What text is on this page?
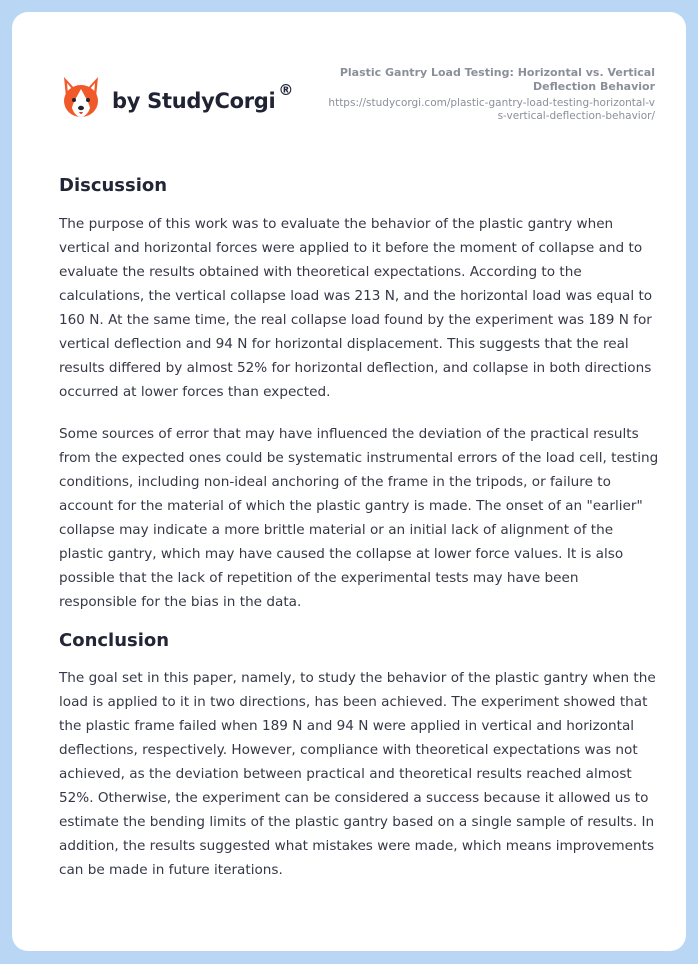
by StudyCorgi ®
Plastic Gantry Load Testing: Horizontal vs. Vertical Deflection Behavior
https://studycorgi.com/plastic-gantry-load-testing-horizontal-vs-vertical-deflection-behavior/
Discussion

The purpose of this work was to evaluate the behavior of the plastic gantry when vertical and horizontal forces were applied to it before the moment of collapse and to evaluate the results obtained with theoretical expectations. According to the calculations, the vertical collapse load was 213 N, and the horizontal load was equal to 160 N. At the same time, the real collapse load found by the experiment was 189 N for vertical deflection and 94 N for horizontal displacement. This suggests that the real results differed by almost 52% for horizontal deflection, and collapse in both directions occurred at lower forces than expected.

Some sources of error that may have influenced the deviation of the practical results from the expected ones could be systematic instrumental errors of the load cell, testing conditions, including non-ideal anchoring of the frame in the tripods, or failure to account for the material of which the plastic gantry is made. The onset of an "earlier" collapse may indicate a more brittle material or an initial lack of alignment of the plastic gantry, which may have caused the collapse at lower force values. It is also possible that the lack of repetition of the experimental tests may have been responsible for the bias in the data.

Conclusion

The goal set in this paper, namely, to study the behavior of the plastic gantry when the load is applied to it in two directions, has been achieved. The experiment showed that the plastic frame failed when 189 N and 94 N were applied in vertical and horizontal deflections, respectively. However, compliance with theoretical expectations was not achieved, as the deviation between practical and theoretical results reached almost 52%. Otherwise, the experiment can be considered a success because it allowed us to estimate the bending limits of the plastic gantry based on a single sample of results. In addition, the results suggested what mistakes were made, which means improvements can be made in future iterations.
